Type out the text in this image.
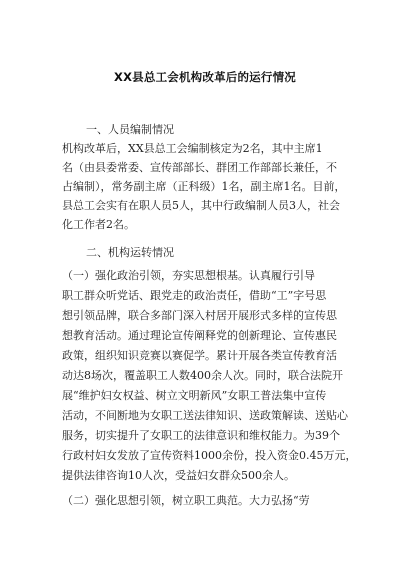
XX县总工会机构改革后的运行情况
一、人员编制情况
机构改革后，XX县总工会编制核定为2名，其中主席1
名（由县委常委、宣传部部长、群团工作部部长兼任，不
占编制），常务副主席（正科级）1名，副主席1名。目前，
县总工会实有在职人员5人，其中行政编制人员3人，社会
化工作者2名。
二、机构运转情况
（一）强化政治引领，夯实思想根基。认真履行引导
职工群众听党话、跟党走的政治责任，借助“工”字号思
想引领品牌，联合多部门深入村居开展形式多样的宣传思
想教育活动。通过理论宣传阐释党的创新理论、宣传惠民
政策，组织知识竞赛以赛促学。累计开展各类宣传教育活
动达8场次，覆盖职工人数400余人次。同时，联合法院开
展“维护妇女权益、树立文明新风”女职工普法集中宣传
活动，不间断地为女职工送法律知识、送政策解读、送贴心
服务，切实提升了女职工的法律意识和维权能力。为39个
行政村妇女发放了宣传资料1000余份，投入资金0.45万元，
提供法律咨询10人次，受益妇女群众500余人。
（二）强化思想引领，树立职工典范。大力弘扬“劳
